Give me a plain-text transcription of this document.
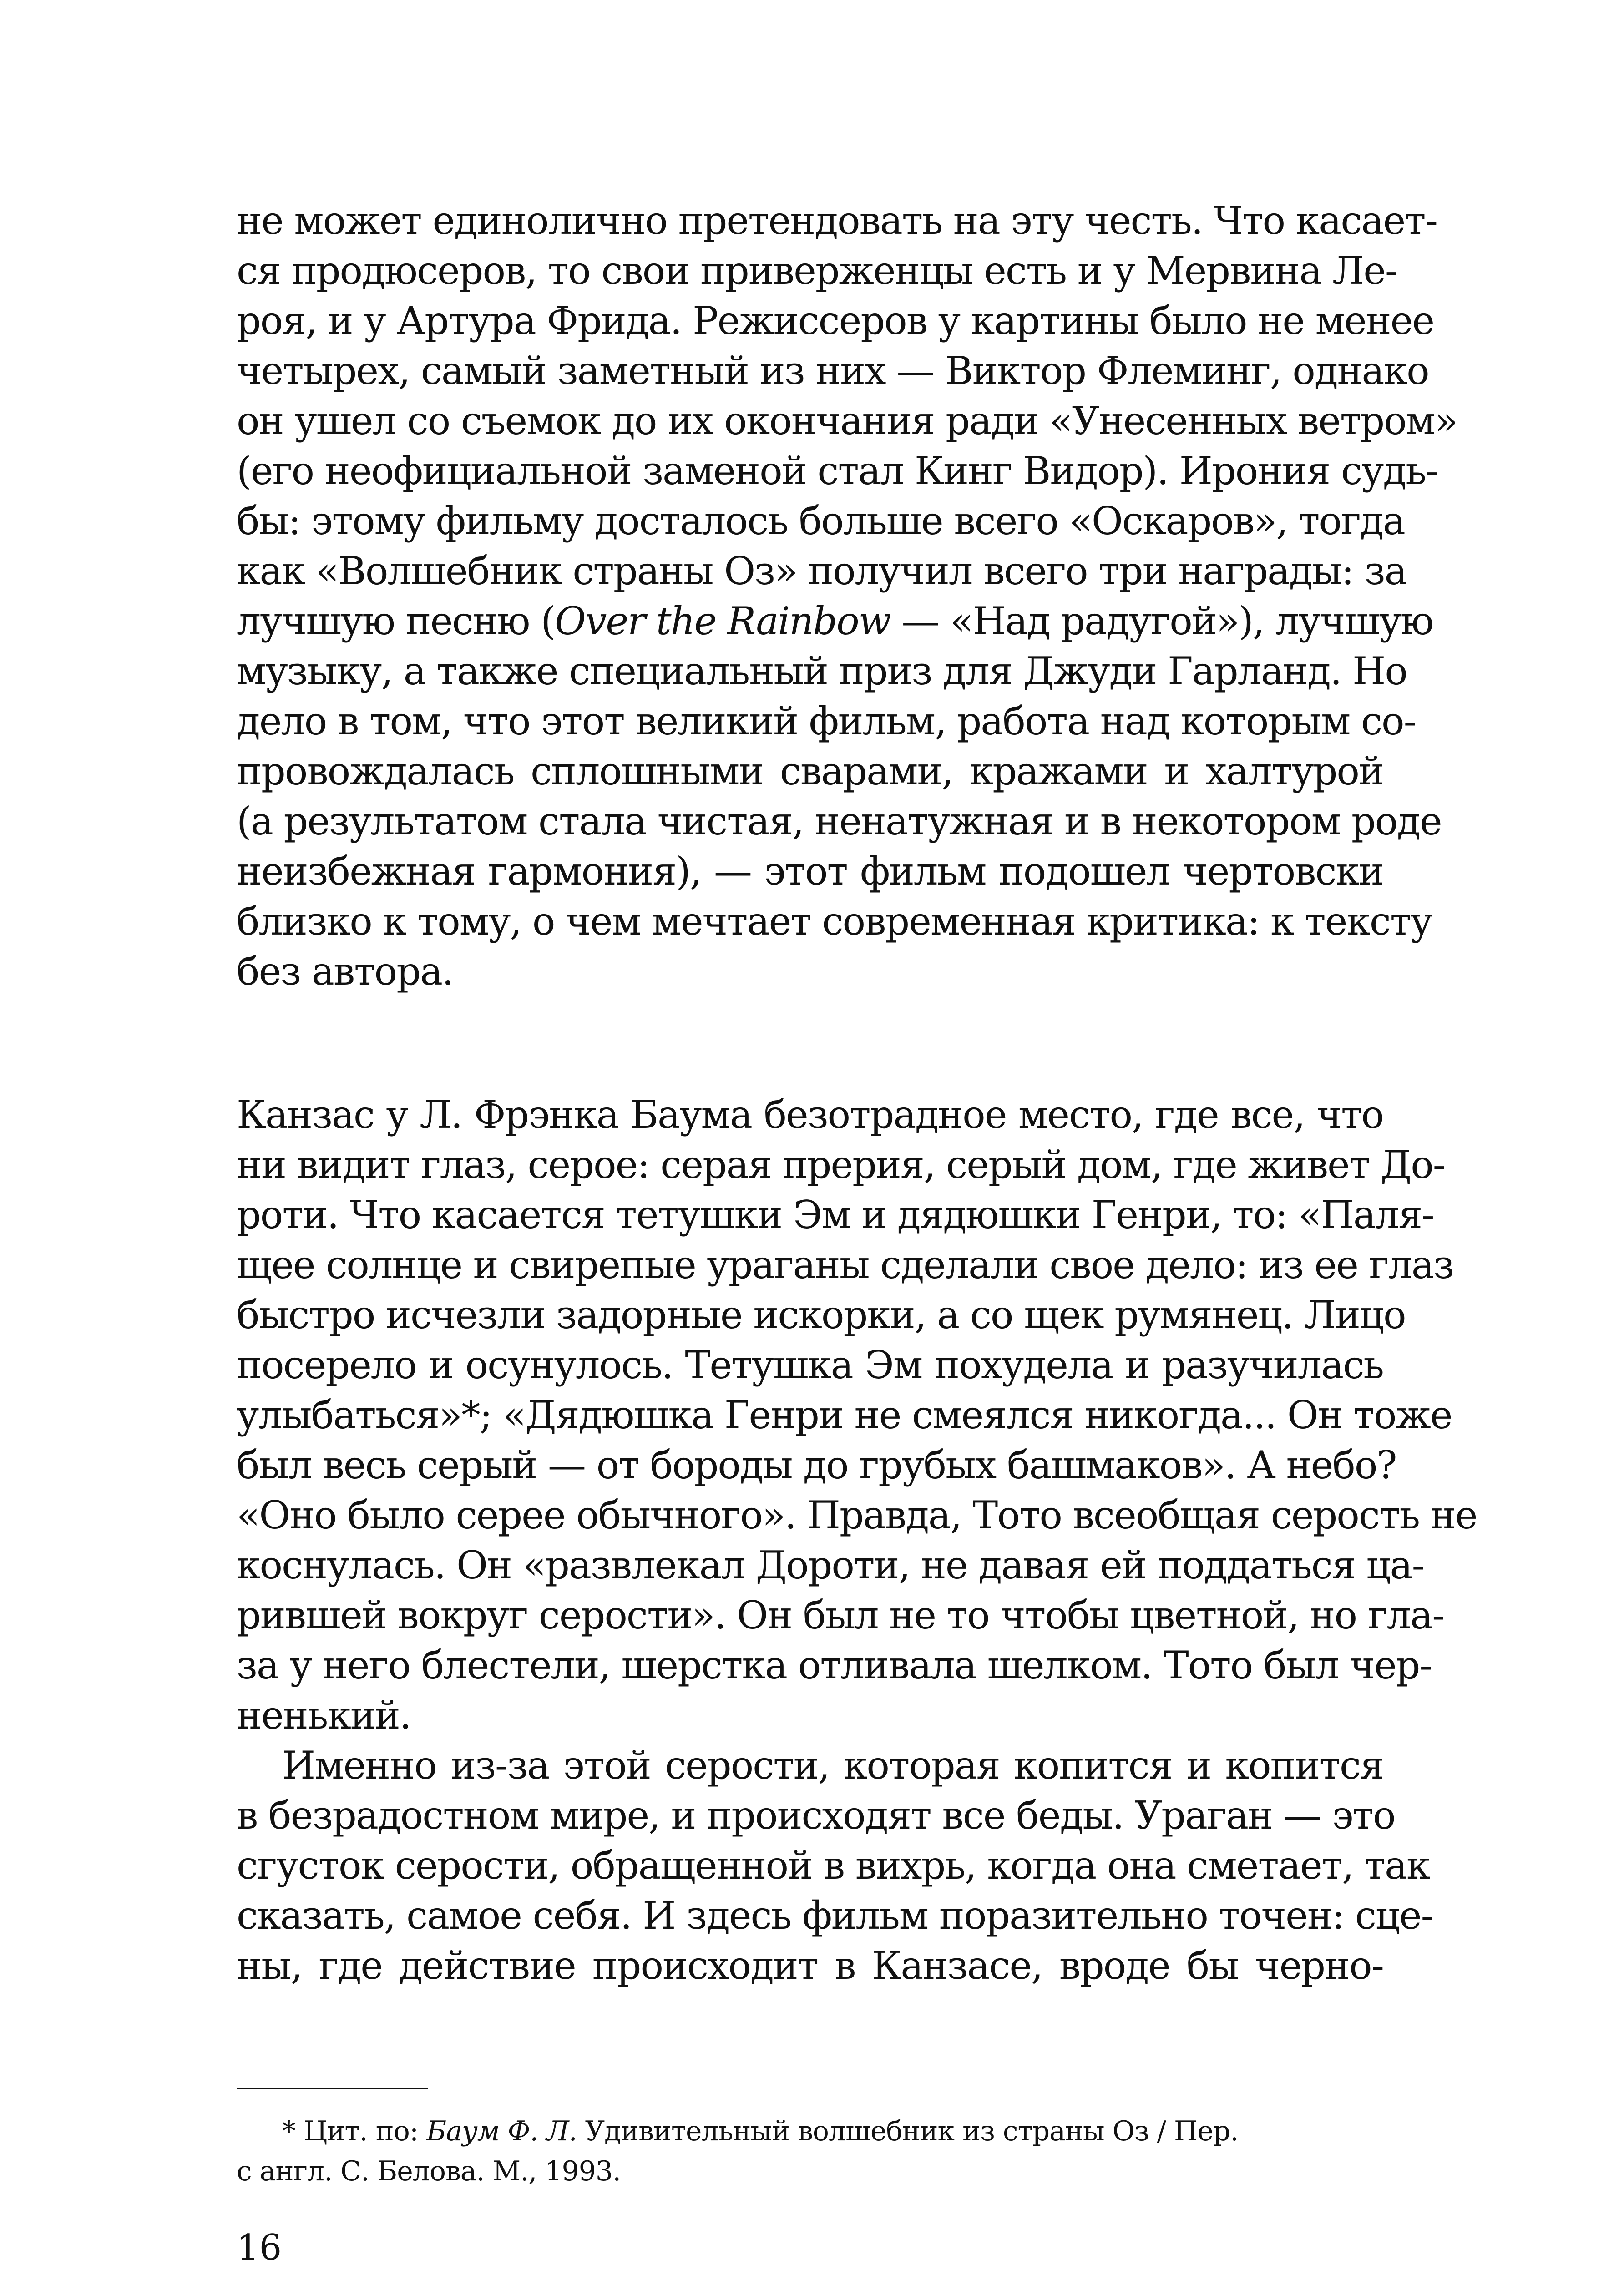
не может единолично претендовать на эту честь. Что касает-
ся продюсеров, то свои приверженцы есть и у Мервина Ле-
роя, и у Артура Фрида. Режиссеров у картины было не менее
четырех, самый заметный из них — Виктор Флеминг, однако
он ушел со съемок до их окончания ради «Унесенных ветром»
(его неофициальной заменой стал Кинг Видор). Ирония судь-
бы: этому фильму досталось больше всего «Оскаров», тогда
как «Волшебник страны Оз» получил всего три награды: за
лучшую песню (Over the Rainbow — «Над радугой»), лучшую
музыку, а также специальный приз для Джуди Гарланд. Но
дело в том, что этот великий фильм, работа над которым со-
провождалась сплошными сварами, кражами и халтурой
(а результатом стала чистая, ненатужная и в некотором роде
неизбежная гармония), — этот фильм подошел чертовски
близко к тому, о чем мечтает современная критика: к тексту
без автора.
Канзас у Л. Фрэнка Баума безотрадное место, где все, что
ни видит глаз, серое: серая прерия, серый дом, где живет До-
роти. Что касается тетушки Эм и дядюшки Генри, то: «Паля-
щее солнце и свирепые ураганы сделали свое дело: из ее глаз
быстро исчезли задорные искорки, а со щек румянец. Лицо
посерело и осунулось. Тетушка Эм похудела и разучилась
улыбаться»*; «Дядюшка Генри не смеялся никогда... Он тоже
был весь серый — от бороды до грубых башмаков». А небо?
«Оно было серее обычного». Правда, Тото всеобщая серость не
коснулась. Он «развлекал Дороти, не давая ей поддаться ца-
рившей вокруг серости». Он был не то чтобы цветной, но гла-
за у него блестели, шерстка отливала шелком. Тото был чер-
ненький.
Именно из-за этой серости, которая копится и копится
в безрадостном мире, и происходят все беды. Ураган — это
сгусток серости, обращенной в вихрь, когда она сметает, так
сказать, самое себя. И здесь фильм поразительно точен: сце-
ны, где действие происходит в Канзасе, вроде бы черно-
* Цит. по: Баум Ф. Л. Удивительный волшебник из страны Оз / Пер.
с англ. С. Белова. М., 1993.
16
